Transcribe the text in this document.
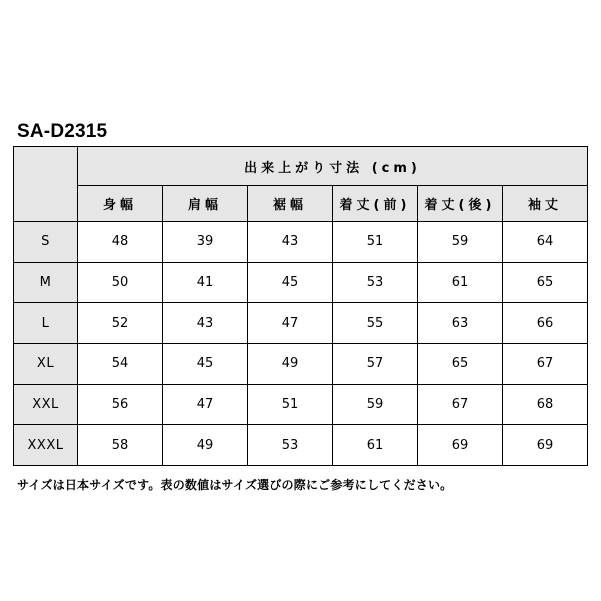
SA-D2315
	出来上がり寸法 (cm)					
	身幅	肩幅	裾幅	着丈(前)	着丈(後)	袖丈
S	48	39	43	51	59	64
M	50	41	45	53	61	65
L	52	43	47	55	63	66
XL	54	45	49	57	65	67
XXL	56	47	51	59	67	68
XXXL	58	49	53	61	69	69
サイズは日本サイズです。表の数値はサイズ選びの際にご参考にしてください。
